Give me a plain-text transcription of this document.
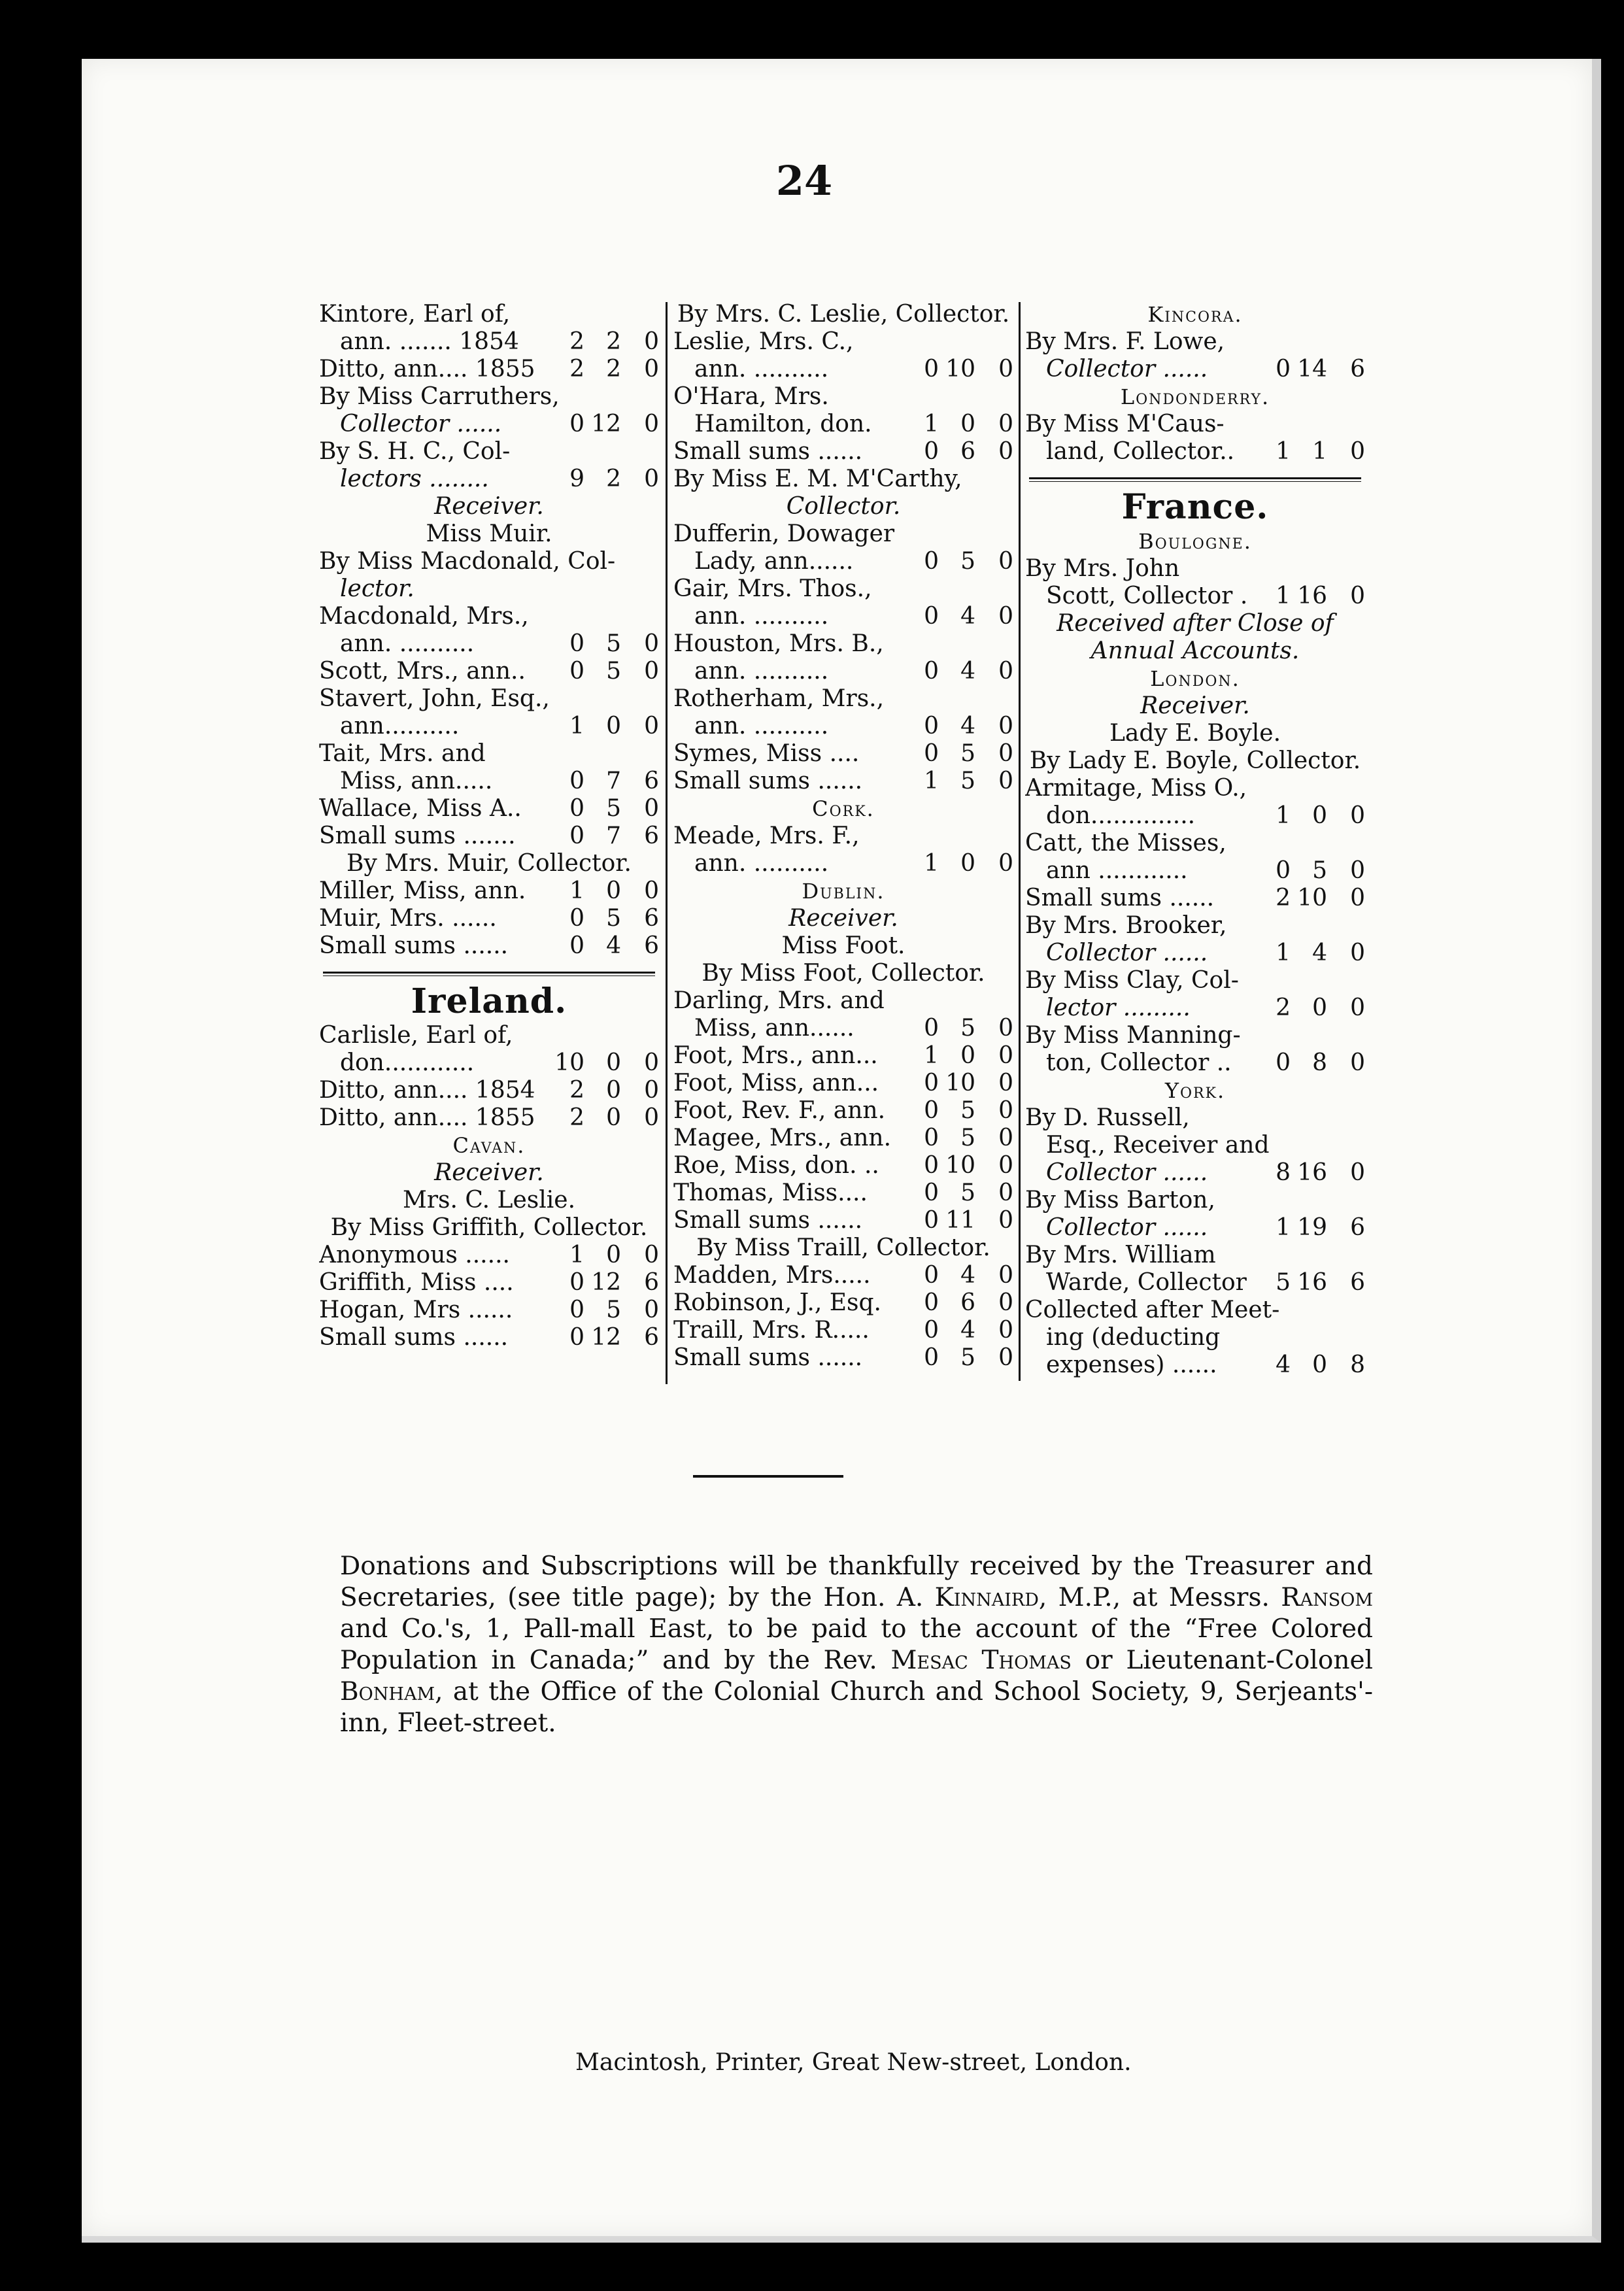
24
Kintore, Earl of,
ann. ....... 1854	2 2 0
Ditto, ann.... 1855	2 2 0
By Miss Carruthers,
Collector ......	0 12 0
By S. H. C., Col-
lectors ........	9 2 0
Receiver.
Miss Muir.
By Miss Macdonald, Col-
lector.
Macdonald, Mrs.,
ann. ..........	0 5 0
Scott, Mrs., ann..	0 5 0
Stavert, John, Esq.,
ann..........	1 0 0
Tait, Mrs. and
Miss, ann.....	0 7 6
Wallace, Miss A..	0 5 0
Small sums .......	0 7 6
By Mrs. Muir, Collector.
Miller, Miss, ann.	1 0 0
Muir, Mrs. ......	0 5 6
Small sums ......	0 4 6
Ireland.
Carlisle, Earl of,
don............	10 0 0
Ditto, ann.... 1854	2 0 0
Ditto, ann.... 1855	2 0 0
Cavan.
Receiver.
Mrs. C. Leslie.
By Miss Griffith, Collector.
Anonymous ......	1 0 0
Griffith, Miss ....	0 12 6
Hogan, Mrs ......	0 5 0
Small sums ......	0 12 6
By Mrs. C. Leslie, Collector.
Leslie, Mrs. C.,
ann. ..........	0 10 0
O'Hara, Mrs.
Hamilton, don.	1 0 0
Small sums ......	0 6 0
By Miss E. M. M'Carthy,
Collector.
Dufferin, Dowager
Lady, ann......	0 5 0
Gair, Mrs. Thos.,
ann. ..........	0 4 0
Houston, Mrs. B.,
ann. ..........	0 4 0
Rotherham, Mrs.,
ann. ..........	0 4 0
Symes, Miss ....	0 5 0
Small sums ......	1 5 0
Cork.
Meade, Mrs. F.,
ann. ..........	1 0 0
Dublin.
Receiver.
Miss Foot.
By Miss Foot, Collector.
Darling, Mrs. and
Miss, ann......	0 5 0
Foot, Mrs., ann...	1 0 0
Foot, Miss, ann...	0 10 0
Foot, Rev. F., ann.	0 5 0
Magee, Mrs., ann.	0 5 0
Roe, Miss, don. ..	0 10 0
Thomas, Miss....	0 5 0
Small sums ......	0 11 0
By Miss Traill, Collector.
Madden, Mrs.....	0 4 0
Robinson, J., Esq.	0 6 0
Traill, Mrs. R.....	0 4 0
Small sums ......	0 5 0
Kincora.
By Mrs. F. Lowe,
Collector ......	0 14 6
Londonderry.
By Miss M'Caus-
land, Collector..	1 1 0
France.
Boulogne.
By Mrs. John
Scott, Collector .	1 16 0
Received after Close of
Annual Accounts.
London.
Receiver.
Lady E. Boyle.
By Lady E. Boyle, Collector.
Armitage, Miss O.,
don..............	1 0 0
Catt, the Misses,
ann ............	0 5 0
Small sums ......	2 10 0
By Mrs. Brooker,
Collector ......	1 4 0
By Miss Clay, Col-
lector .........	2 0 0
By Miss Manning-
ton, Collector ..	0 8 0
York.
By D. Russell,
Esq., Receiver and
Collector ......	8 16 0
By Miss Barton,
Collector ......	1 19 6
By Mrs. William
Warde, Collector	5 16 6
Collected after Meet-
ing (deducting
expenses) ......	4 0 8
Donations and Subscriptions will be thankfully received by the Treasurer and Secretaries, (see title page); by the Hon. A. Kinnaird, M.P., at Messrs. Ransom and Co.'s, 1, Pall-mall East, to be paid to the account of the “Free Colored Population in Canada;” and by the Rev. Mesac Thomas or Lieutenant-Colonel Bonham, at the Office of the Colonial Church and School Society, 9, Serjeants'-inn, Fleet-street.
Macintosh, Printer, Great New-street, London.
